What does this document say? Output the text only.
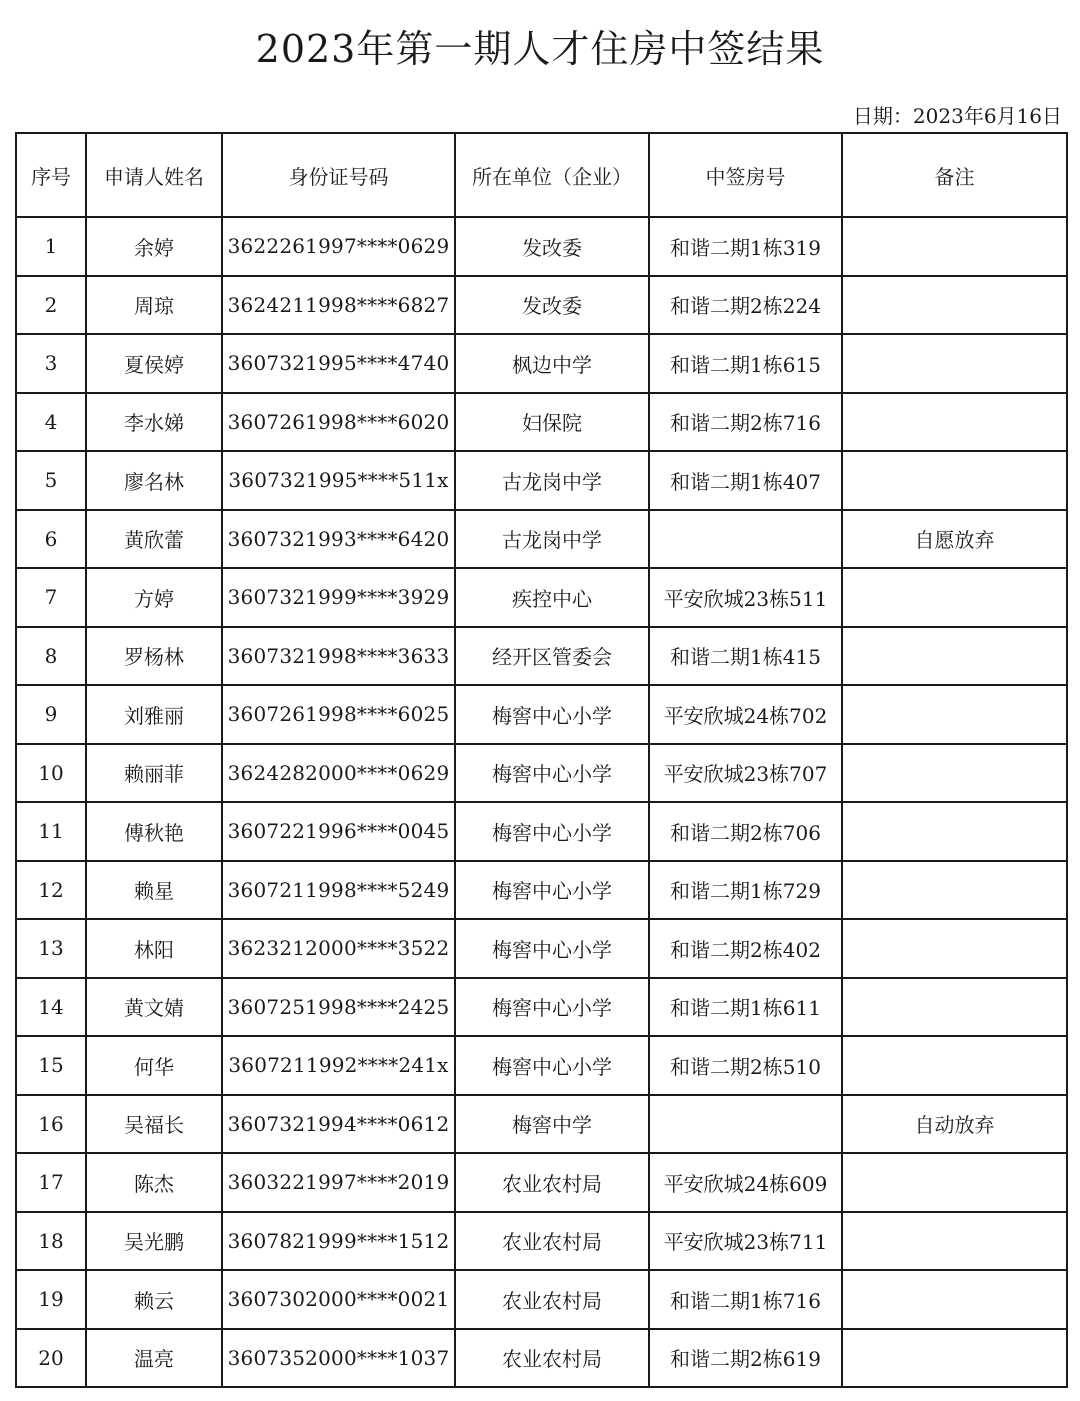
2023年第一期人才住房中签结果
日期：2023年6月16日
序号	申请人姓名	身份证号码	所在单位（企业）	中签房号	备注
1	余婷	3622261997****0629	发改委	和谐二期1栋319	
2	周琼	3624211998****6827	发改委	和谐二期2栋224	
3	夏侯婷	3607321995****4740	枫边中学	和谐二期1栋615	
4	李水娣	3607261998****6020	妇保院	和谐二期2栋716	
5	廖名林	3607321995****511x	古龙岗中学	和谐二期1栋407	
6	黄欣蕾	3607321993****6420	古龙岗中学		自愿放弃
7	方婷	3607321999****3929	疾控中心	平安欣城23栋511	
8	罗杨林	3607321998****3633	经开区管委会	和谐二期1栋415	
9	刘雅丽	3607261998****6025	梅窖中心小学	平安欣城24栋702	
10	赖丽菲	3624282000****0629	梅窖中心小学	平安欣城23栋707	
11	傅秋艳	3607221996****0045	梅窖中心小学	和谐二期2栋706	
12	赖星	3607211998****5249	梅窖中心小学	和谐二期1栋729	
13	林阳	3623212000****3522	梅窖中心小学	和谐二期2栋402	
14	黄文婧	3607251998****2425	梅窖中心小学	和谐二期1栋611	
15	何华	3607211992****241x	梅窖中心小学	和谐二期2栋510	
16	吴福长	3607321994****0612	梅窖中学		自动放弃
17	陈杰	3603221997****2019	农业农村局	平安欣城24栋609	
18	吴光鹏	3607821999****1512	农业农村局	平安欣城23栋711	
19	赖云	3607302000****0021	农业农村局	和谐二期1栋716	
20	温亮	3607352000****1037	农业农村局	和谐二期2栋619	
